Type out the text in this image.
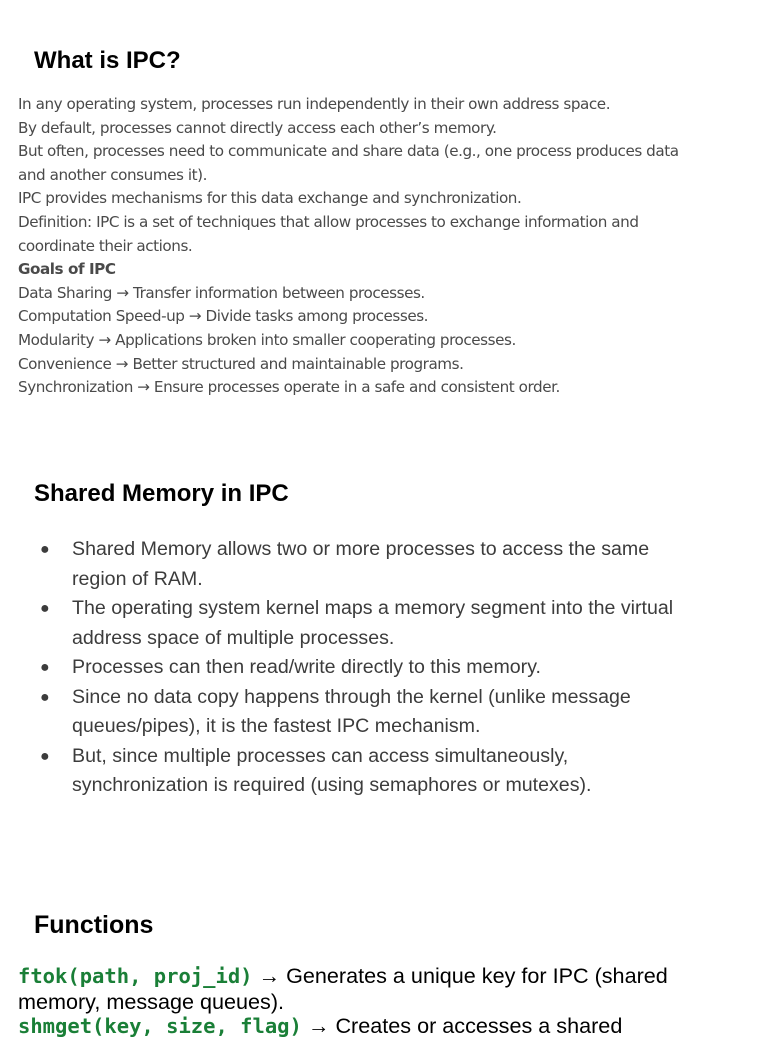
What is IPC?
In any operating system, processes run independently in their own address space.
By default, processes cannot directly access each other’s memory.
But often, processes need to communicate and share data (e.g., one process produces data
and another consumes it).
IPC provides mechanisms for this data exchange and synchronization.
Definition: IPC is a set of techniques that allow processes to exchange information and
coordinate their actions.
Goals of IPC
Data Sharing → Transfer information between processes.
Computation Speed-up → Divide tasks among processes.
Modularity → Applications broken into smaller cooperating processes.
Convenience → Better structured and maintainable programs.
Synchronization → Ensure processes operate in a safe and consistent order.
Shared Memory in IPC
● Shared Memory allows two or more processes to access the same
region of RAM.
● The operating system kernel maps a memory segment into the virtual
address space of multiple processes.
● Processes can then read/write directly to this memory.
● Since no data copy happens through the kernel (unlike message
queues/pipes), it is the fastest IPC mechanism.
● But, since multiple processes can access simultaneously,
synchronization is required (using semaphores or mutexes).
Functions
ftok(path, proj_id) → Generates a unique key for IPC (shared
memory, message queues).
shmget(key, size, flag) → Creates or accesses a shared
